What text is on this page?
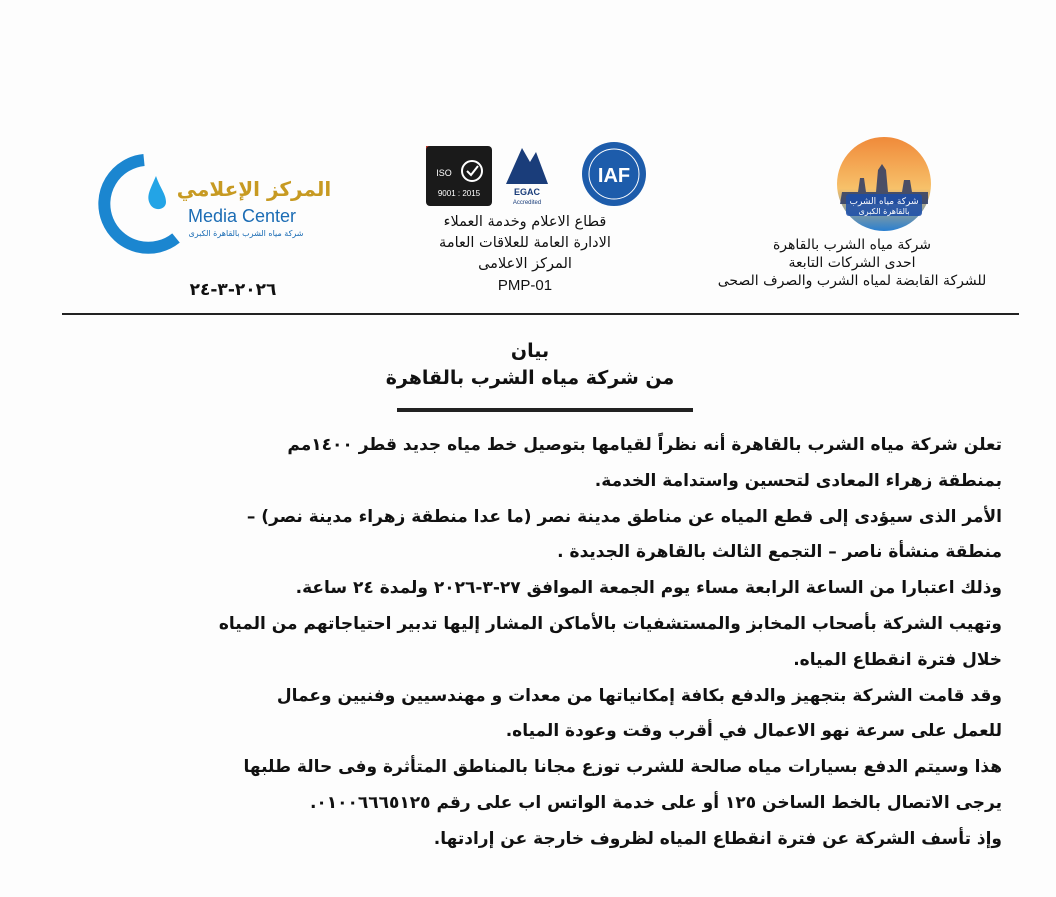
شركة مياه الشرب
بالقاهرة الكبرى
شركة مياه الشرب بالقاهرة
احدى الشركات التابعة
للشركة القابضة لمياه الشرب والصرف الصحى
ISO
9001 : 2015	EGAC
Accredited
IAF
قطاع الاعلام وخدمة العملاء
الادارة العامة للعلاقات العامة
المركز الاعلامى
PMP-01
المركز الإعلامي
Media Center
شركة مياه الشرب بالقاهرة الكبرى
٢٠٢٦-٣-٢٤
بيان
من شركة مياه الشرب بالقاهرة
تعلن شركة مياه الشرب بالقاهرة أنه نظراً لقيامها بتوصيل خط مياه جديد قطر ١٤٠٠مم
بمنطقة زهراء المعادى لتحسين واستدامة الخدمة.
الأمر الذى سيؤدى إلى قطع المياه عن مناطق مدينة نصر (ما عدا منطقة زهراء مدينة نصر) –
منطقة منشأة ناصر – التجمع الثالث بالقاهرة الجديدة .
وذلك اعتبارا من الساعة الرابعة مساء يوم الجمعة الموافق ٢٧-٣-٢٠٢٦ ولمدة ٢٤ ساعة.
وتهيب الشركة بأصحاب المخابز والمستشفيات بالأماكن المشار إليها تدبير احتياجاتهم من المياه
خلال فترة انقطاع المياه.
وقد قامت الشركة بتجهيز والدفع بكافة إمكانياتها من معدات و مهندسيين وفنيين وعمال
للعمل على سرعة نهو الاعمال في أقرب وقت وعودة المياه.
هذا وسيتم الدفع بسيارات مياه صالحة للشرب توزع مجانا بالمناطق المتأثرة وفى حالة طلبها
يرجى الاتصال بالخط الساخن ١٢٥ أو على خدمة الواتس اب على رقم ٠١٠٠٦٦٦٥١٢٥.
وإذ تأسف الشركة عن فترة انقطاع المياه لظروف خارجة عن إرادتها.
